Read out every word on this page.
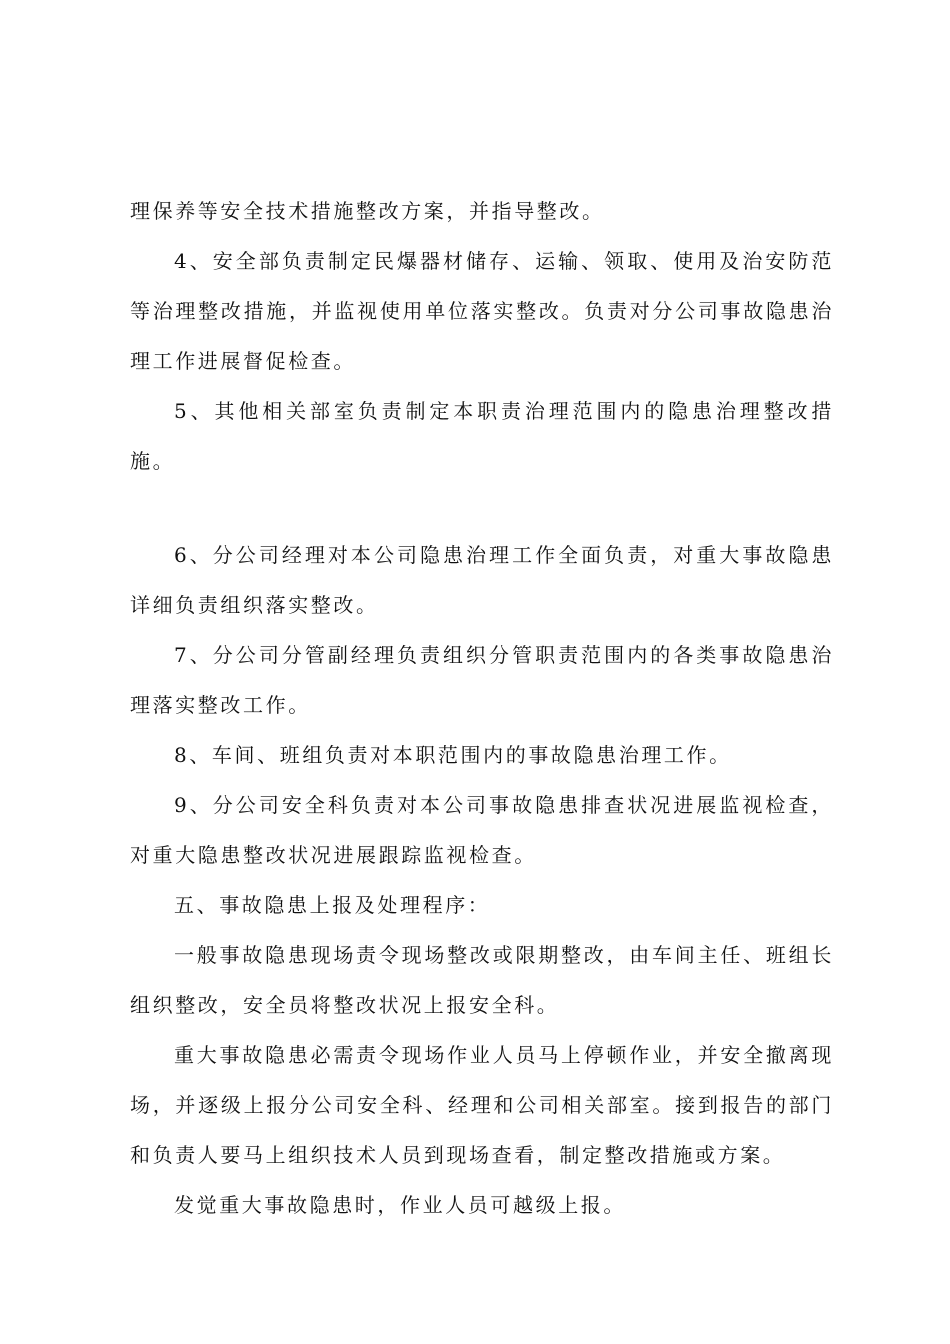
理保养等安全技术措施整改方案，并指导整改。

4、安全部负责制定民爆器材储存、运输、领取、使用及治安防范等治理整改措施，并监视使用单位落实整改。负责对分公司事故隐患治理工作进展督促检查。

5、其他相关部室负责制定本职责治理范围内的隐患治理整改措施。

6、分公司经理对本公司隐患治理工作全面负责，对重大事故隐患详细负责组织落实整改。

7、分公司分管副经理负责组织分管职责范围内的各类事故隐患治理落实整改工作。

8、车间、班组负责对本职范围内的事故隐患治理工作。

9、分公司安全科负责对本公司事故隐患排查状况进展监视检查，对重大隐患整改状况进展跟踪监视检查。

五、事故隐患上报及处理程序：

一般事故隐患现场责令现场整改或限期整改，由车间主任、班组长组织整改，安全员将整改状况上报安全科。

重大事故隐患必需责令现场作业人员马上停顿作业，并安全撤离现场，并逐级上报分公司安全科、经理和公司相关部室。接到报告的部门和负责人要马上组织技术人员到现场查看，制定整改措施或方案。

发觉重大事故隐患时，作业人员可越级上报。
